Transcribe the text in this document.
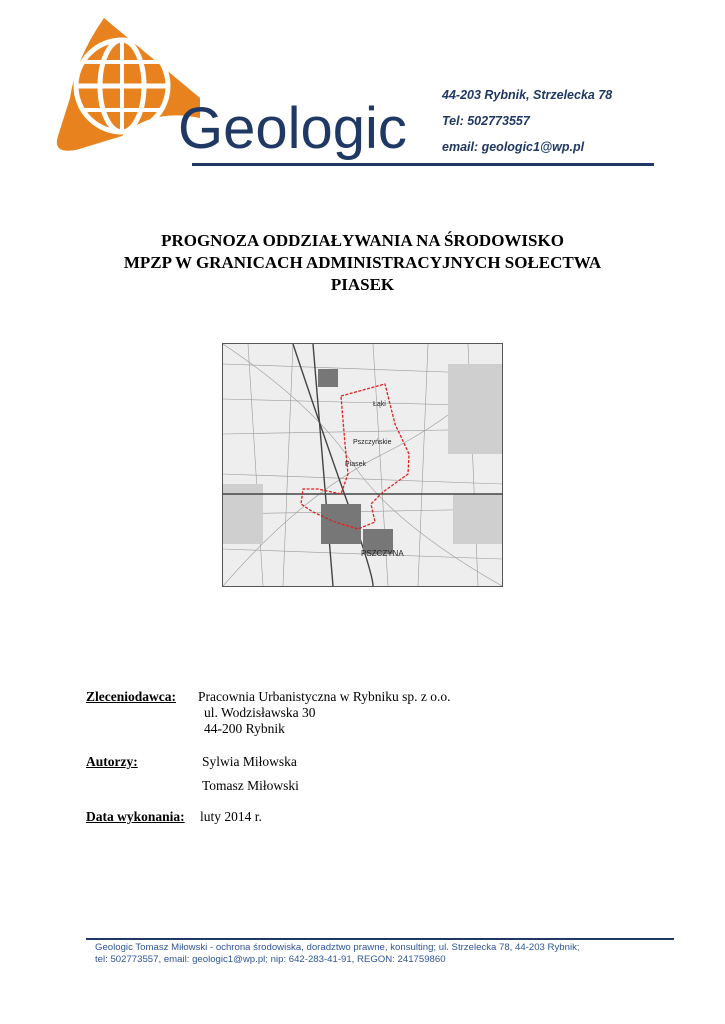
Geologic
44-203 Rybnik, Strzelecka 78
Tel: 502773557
email: geologic1@wp.pl
PROGNOZA ODDZIAŁYWANIA NA ŚRODOWISKO
MPZP W GRANICACH ADMINISTRACYJNYCH SOŁECTWA
PIASEK
Łąki
Pszczyńskie
Piasek
PSZCZYNA
Zleceniodawca: Pracownia Urbanistyczna w Rybniku sp. z o.o.
ul. Wodzisławska 30
44-200 Rybnik
Autorzy:	Sylwia Miłowska
Tomasz Miłowski
Data wykonania: luty 2014 r.
Geologic Tomasz Miłowski - ochrona środowiska, doradztwo prawne, konsulting; ul. Strzelecka 78, 44-203 Rybnik;
tel: 502773557, email: geologic1@wp.pl; nip: 642-283-41-91, REGON: 241759860
